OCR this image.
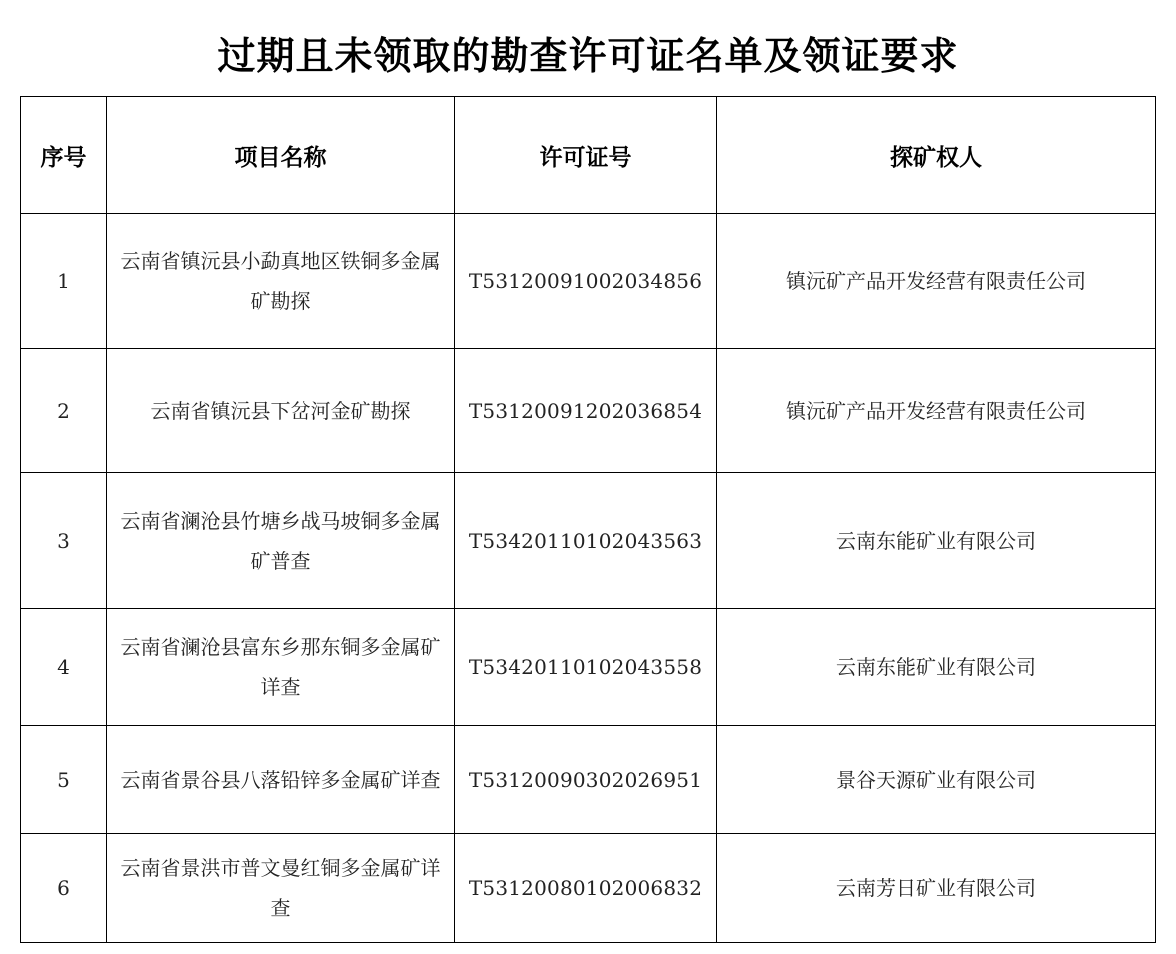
过期且未领取的勘查许可证名单及领证要求
序号	项目名称	许可证号	探矿权人
1	云南省镇沅县小勐真地区铁铜多金属矿勘探	T53120091002034856	镇沅矿产品开发经营有限责任公司
2	云南省镇沅县下岔河金矿勘探	T53120091202036854	镇沅矿产品开发经营有限责任公司
3	云南省澜沧县竹塘乡战马坡铜多金属矿普查	T53420110102043563	云南东能矿业有限公司
4	云南省澜沧县富东乡那东铜多金属矿详查	T53420110102043558	云南东能矿业有限公司
5	云南省景谷县八落铅锌多金属矿详查	T53120090302026951	景谷天源矿业有限公司
6	云南省景洪市普文曼红铜多金属矿详查	T53120080102006832	云南芳日矿业有限公司
